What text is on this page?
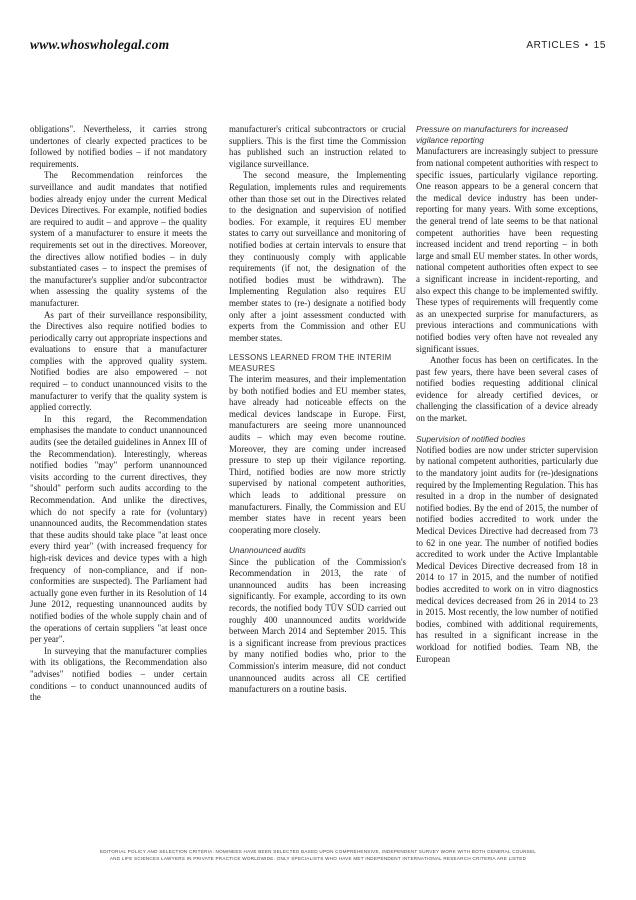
www.whoswholegal.com	ARTICLES • 15

obligations". Nevertheless, it carries strong undertones of clearly expected practices to be followed by notified bodies – if not mandatory requirements.

The Recommendation reinforces the surveillance and audit mandates that notified bodies already enjoy under the current Medical Devices Directives. For example, notified bodies are required to audit – and approve – the quality system of a manufacturer to ensure it meets the requirements set out in the directives. Moreover, the directives allow notified bodies – in duly substantiated cases – to inspect the premises of the manufacturer's supplier and/or subcontractor when assessing the quality systems of the manufacturer.

As part of their surveillance responsibility, the Directives also require notified bodies to periodically carry out appropriate inspections and evaluations to ensure that a manufacturer complies with the approved quality system. Notified bodies are also empowered – not required – to conduct unannounced visits to the manufacturer to verify that the quality system is applied correctly.

In this regard, the Recommendation emphasises the mandate to conduct unannounced audits (see the detailed guidelines in Annex III of the Recommendation). Interestingly, whereas notified bodies "may" perform unannounced visits according to the current directives, they "should" perform such audits according to the Recommendation. And unlike the directives, which do not specify a rate for (voluntary) unannounced audits, the Recommendation states that these audits should take place "at least once every third year" (with increased frequency for high-risk devices and device types with a high frequency of non-compliance, and if non-conformities are suspected). The Parliament had actually gone even further in its Resolution of 14 June 2012, requesting unannounced audits by notified bodies of the whole supply chain and of the operations of certain suppliers "at least once per year".

In surveying that the manufacturer complies with its obligations, the Recommendation also "advises" notified bodies – under certain conditions – to conduct unannounced audits of the

manufacturer's critical subcontractors or crucial suppliers. This is the first time the Commission has published such an instruction related to vigilance surveillance.

The second measure, the Implementing Regulation, implements rules and requirements other than those set out in the Directives related to the designation and supervision of notified bodies. For example, it requires EU member states to carry out surveillance and monitoring of notified bodies at certain intervals to ensure that they continuously comply with applicable requirements (if not, the designation of the notified bodies must be withdrawn). The Implementing Regulation also requires EU member states to (re-) designate a notified body only after a joint assessment conducted with experts from the Commission and other EU member states.

LESSONS LEARNED FROM THE INTERIM MEASURES

The interim measures, and their implementation by both notified bodies and EU member states, have already had noticeable effects on the medical devices landscape in Europe. First, manufacturers are seeing more unannounced audits – which may even become routine. Moreover, they are coming under increased pressure to step up their vigilance reporting. Third, notified bodies are now more strictly supervised by national competent authorities, which leads to additional pressure on manufacturers. Finally, the Commission and EU member states have in recent years been cooperating more closely.

Unannounced audits

Since the publication of the Commission's Recommendation in 2013, the rate of unannounced audits has been increasing significantly. For example, according to its own records, the notified body TÜV SÜD carried out roughly 400 unannounced audits worldwide between March 2014 and September 2015. This is a significant increase from previous practices by many notified bodies who, prior to the Commission's interim measure, did not conduct unannounced audits across all CE certified manufacturers on a routine basis.

Pressure on manufacturers for increased vigilance reporting

Manufacturers are increasingly subject to pressure from national competent authorities with respect to specific issues, particularly vigilance reporting. One reason appears to be a general concern that the medical device industry has been under-reporting for many years. With some exceptions, the general trend of late seems to be that national competent authorities have been requesting increased incident and trend reporting – in both large and small EU member states. In other words, national competent authorities often expect to see a significant increase in incident-reporting, and also expect this change to be implemented swiftly. These types of requirements will frequently come as an unexpected surprise for manufacturers, as previous interactions and communications with notified bodies very often have not revealed any significant issues.

Another focus has been on certificates. In the past few years, there have been several cases of notified bodies requesting additional clinical evidence for already certified devices, or challenging the classification of a device already on the market.

Supervision of notified bodies

Notified bodies are now under stricter supervision by national competent authorities, particularly due to the mandatory joint audits for (re-)designations required by the Implementing Regulation. This has resulted in a drop in the number of designated notified bodies. By the end of 2015, the number of notified bodies accredited to work under the Medical Devices Directive had decreased from 73 to 62 in one year. The number of notified bodies accredited to work under the Active Implantable Medical Devices Directive decreased from 18 in 2014 to 17 in 2015, and the number of notified bodies accredited to work on in vitro diagnostics medical devices decreased from 26 in 2014 to 23 in 2015. Most recently, the low number of notified bodies, combined with additional requirements, has resulted in a significant increase in the workload for notified bodies. Team NB, the European

EDITORIAL POLICY AND SELECTION CRITERIA: NOMINEES HAVE BEEN SELECTED BASED UPON COMPREHENSIVE, INDEPENDENT SURVEY WORK WITH BOTH GENERAL COUNSEL
AND LIFE SCIENCES LAWYERS IN PRIVATE PRACTICE WORLDWIDE. ONLY SPECIALISTS WHO HAVE MET INDEPENDENT INTERNATIONAL RESEARCH CRITERIA ARE LISTED
